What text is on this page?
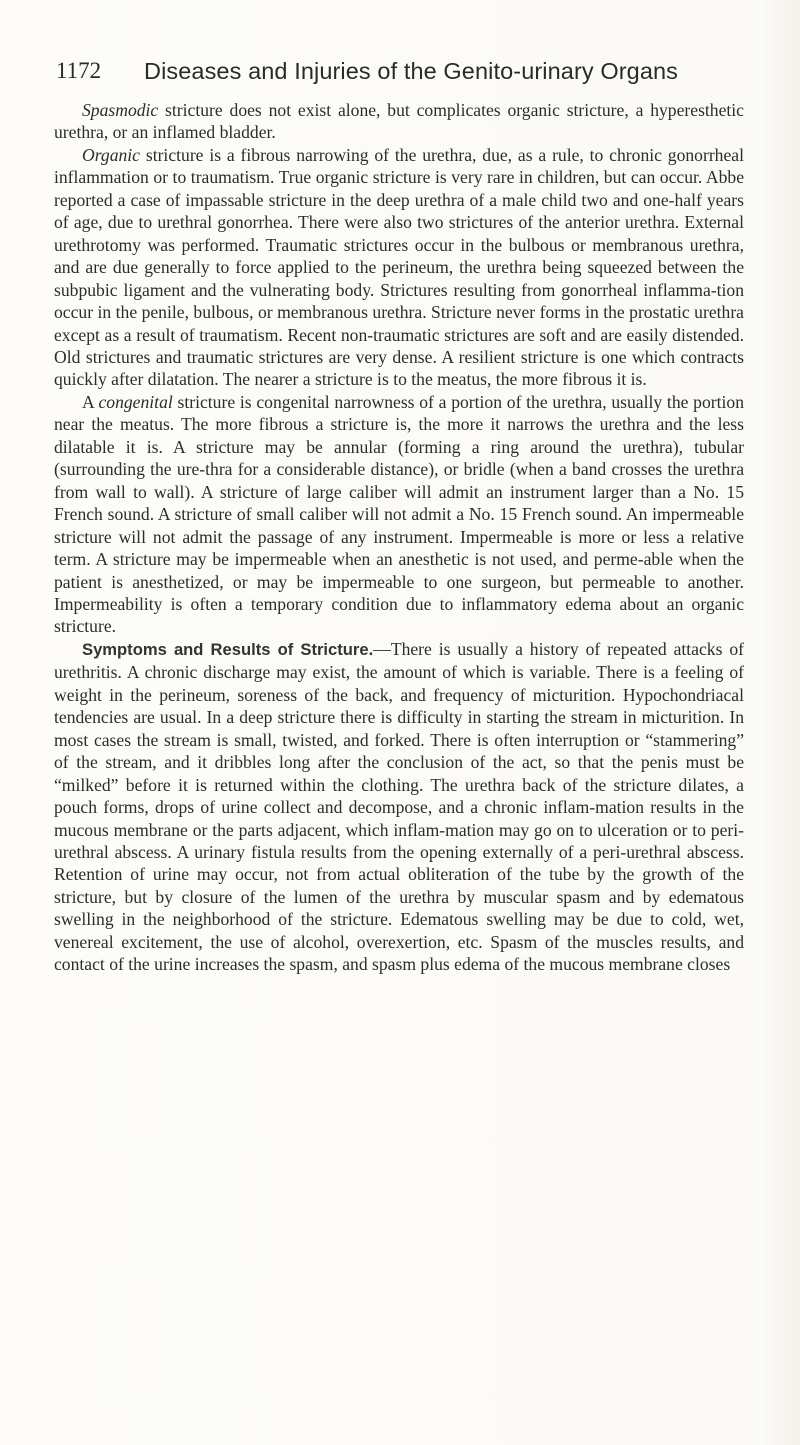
1172 Diseases and Injuries of the Genito-urinary Organs

Spasmodic stricture does not exist alone, but complicates organic stricture, a hyperesthetic urethra, or an inflamed bladder.

Organic stricture is a fibrous narrowing of the urethra, due, as a rule, to chronic gonorrheal inflammation or to traumatism. True organic stricture is very rare in children, but can occur. Abbe reported a case of impassable stricture in the deep urethra of a male child two and one-half years of age, due to urethral gonorrhea. There were also two strictures of the anterior urethra. External urethrotomy was performed. Traumatic strictures occur in the bulbous or membranous urethra, and are due generally to force applied to the perineum, the urethra being squeezed between the subpubic ligament and the vulnerating body. Strictures resulting from gonorrheal inflamma-tion occur in the penile, bulbous, or membranous urethra. Stricture never forms in the prostatic urethra except as a result of traumatism. Recent non-traumatic strictures are soft and are easily distended. Old strictures and traumatic strictures are very dense. A resilient stricture is one which contracts quickly after dilatation. The nearer a stricture is to the meatus, the more fibrous it is.

A congenital stricture is congenital narrowness of a portion of the urethra, usually the portion near the meatus. The more fibrous a stricture is, the more it narrows the urethra and the less dilatable it is. A stricture may be annular (forming a ring around the urethra), tubular (surrounding the ure-thra for a considerable distance), or bridle (when a band crosses the urethra from wall to wall). A stricture of large caliber will admit an instrument larger than a No. 15 French sound. A stricture of small caliber will not admit a No. 15 French sound. An impermeable stricture will not admit the passage of any instrument. Impermeable is more or less a relative term. A stricture may be impermeable when an anesthetic is not used, and perme-able when the patient is anesthetized, or may be impermeable to one surgeon, but permeable to another. Impermeability is often a temporary condition due to inflammatory edema about an organic stricture.

Symptoms and Results of Stricture.—There is usually a history of repeated attacks of urethritis. A chronic discharge may exist, the amount of which is variable. There is a feeling of weight in the perineum, soreness of the back, and frequency of micturition. Hypochondriacal tendencies are usual. In a deep stricture there is difficulty in starting the stream in micturition. In most cases the stream is small, twisted, and forked. There is often interruption or “stammering” of the stream, and it dribbles long after the conclusion of the act, so that the penis must be “milked” before it is returned within the clothing. The urethra back of the stricture dilates, a pouch forms, drops of urine collect and decompose, and a chronic inflam-mation results in the mucous membrane or the parts adjacent, which inflam-mation may go on to ulceration or to peri-urethral abscess. A urinary fistula results from the opening externally of a peri-urethral abscess. Retention of urine may occur, not from actual obliteration of the tube by the growth of the stricture, but by closure of the lumen of the urethra by muscular spasm and by edematous swelling in the neighborhood of the stricture. Edematous swelling may be due to cold, wet, venereal excitement, the use of alcohol, overexertion, etc. Spasm of the muscles results, and contact of the urine increases the spasm, and spasm plus edema of the mucous membrane closes
